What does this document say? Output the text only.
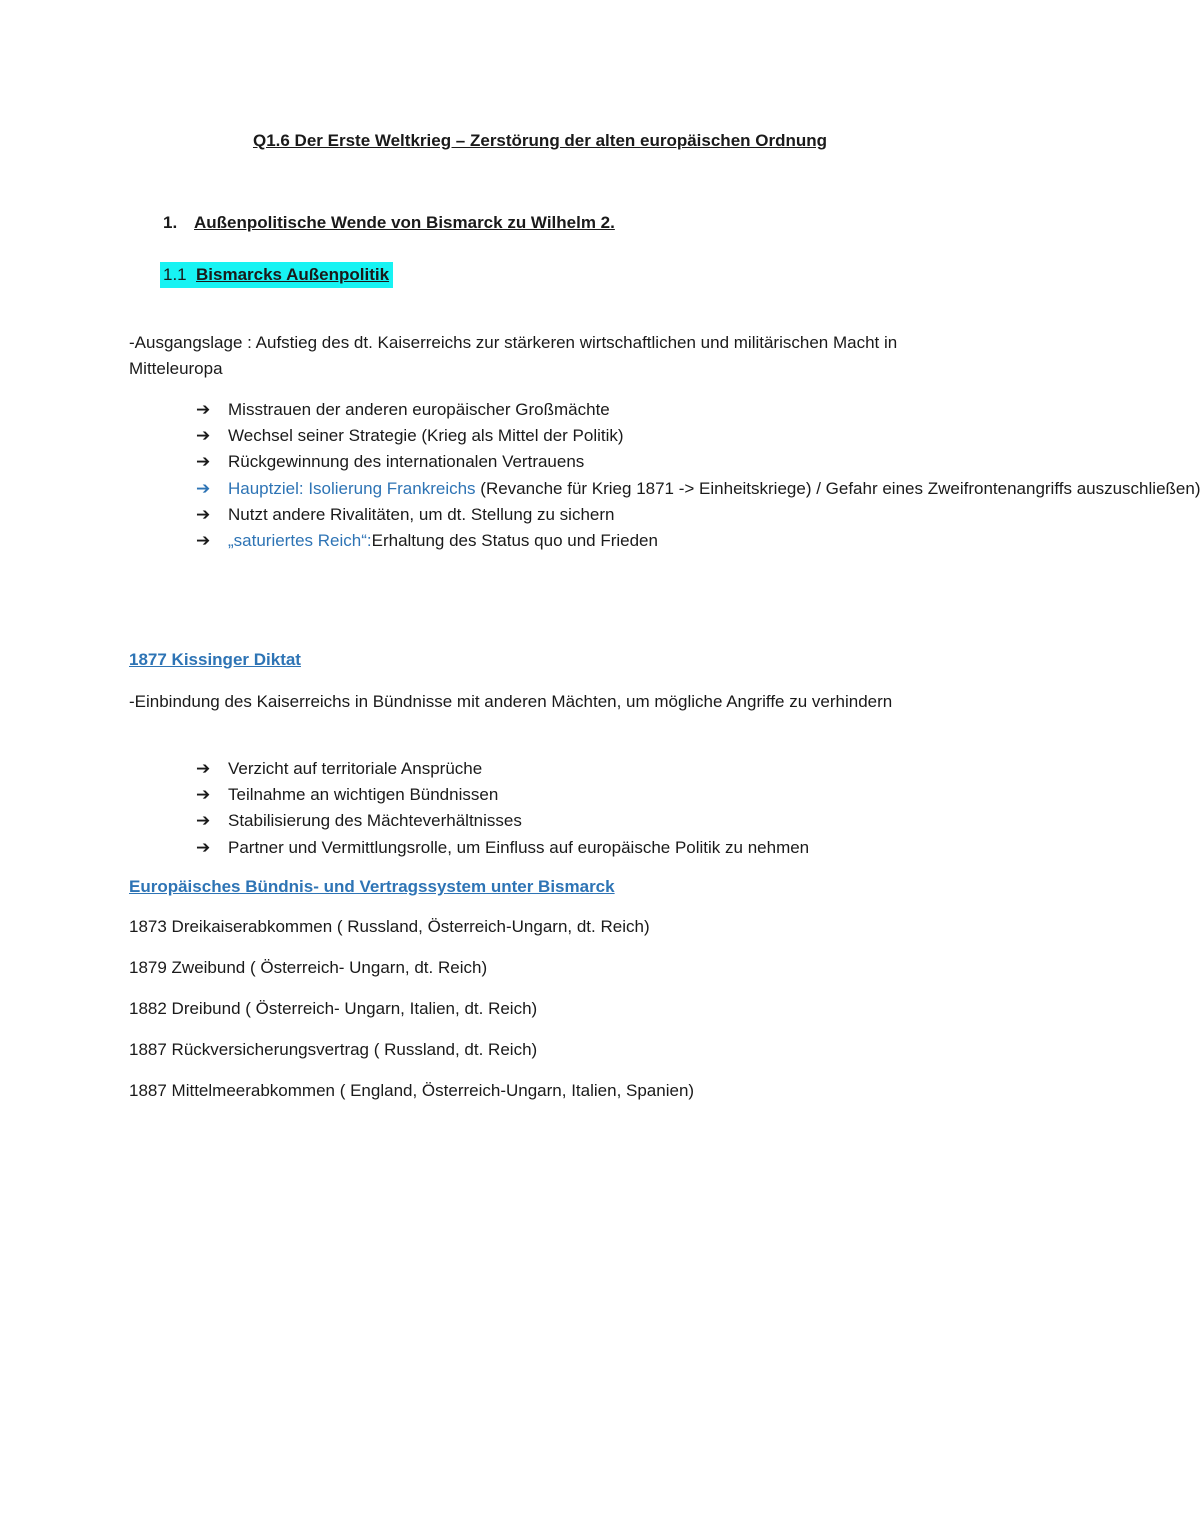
Q1.6 Der Erste Weltkrieg – Zerstörung der alten europäischen Ordnung
1. Außenpolitische Wende von Bismarck zu Wilhelm 2.
1.1 Bismarcks Außenpolitik

-Ausgangslage : Aufstieg des dt. Kaiserreichs zur stärkeren wirtschaftlichen und militärischen Macht in Mitteleuropa

➔ Misstrauen der anderen europäischer Großmächte
➔ Wechsel seiner Strategie (Krieg als Mittel der Politik)
➔ Rückgewinnung des internationalen Vertrauens
➔ Hauptziel: Isolierung Frankreichs (Revanche für Krieg 1871 -> Einheitskriege) / Gefahr eines Zweifrontenangriffs auszuschließen)
➔ Nutzt andere Rivalitäten, um dt. Stellung zu sichern
➔ „saturiertes Reich“:Erhaltung des Status quo und Frieden
1877 Kissinger Diktat

-Einbindung des Kaiserreichs in Bündnisse mit anderen Mächten, um mögliche Angriffe zu verhindern

➔ Verzicht auf territoriale Ansprüche
➔ Teilnahme an wichtigen Bündnissen
➔ Stabilisierung des Mächteverhältnisses
➔ Partner und Vermittlungsrolle, um Einfluss auf europäische Politik zu nehmen
Europäisches Bündnis- und Vertragssystem unter Bismarck
1873 Dreikaiserabkommen ( Russland, Österreich-Ungarn, dt. Reich)
1879 Zweibund ( Österreich- Ungarn, dt. Reich)
1882 Dreibund ( Österreich- Ungarn, Italien, dt. Reich)
1887 Rückversicherungsvertrag ( Russland, dt. Reich)
1887 Mittelmeerabkommen ( England, Österreich-Ungarn, Italien, Spanien)
